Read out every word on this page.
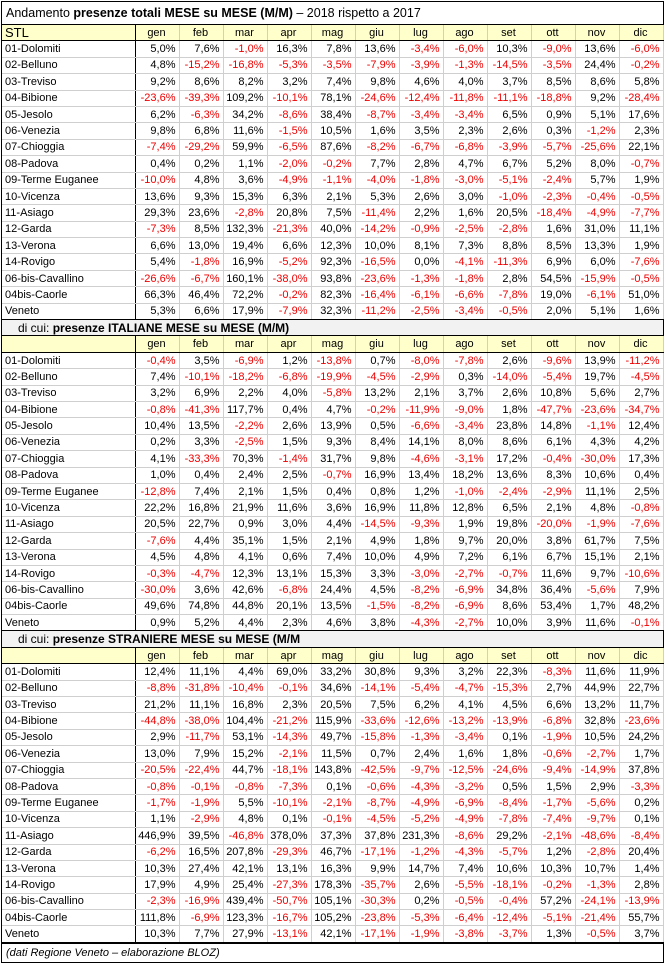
Andamento presenze totali MESE su MESE (M/M) – 2018 rispetto a 2017
STL	gen	feb	mar	apr	mag	giu	lug	ago	set	ott	nov	dic
01-Dolomiti	5,0%	7,6%	-1,0%	16,3%	7,8%	13,6%	-3,4%	-6,0%	10,3%	-9,0%	13,6%	-6,0%
02-Belluno	4,8%	-15,2%	-16,8%	-5,3%	-3,5%	-7,9%	-3,9%	-1,3%	-14,5%	-3,5%	24,4%	-0,2%
03-Treviso	9,2%	8,6%	8,2%	3,2%	7,4%	9,8%	4,6%	4,0%	3,7%	8,5%	8,6%	5,8%
04-Bibione	-23,6%	-39,3%	109,2%	-10,1%	78,1%	-24,6%	-12,4%	-11,8%	-11,1%	-18,8%	9,2%	-28,4%
05-Jesolo	6,2%	-6,3%	34,2%	-8,6%	38,4%	-8,7%	-3,4%	-3,4%	6,5%	0,9%	5,1%	17,6%
06-Venezia	9,8%	6,8%	11,6%	-1,5%	10,5%	1,6%	3,5%	2,3%	2,6%	0,3%	-1,2%	2,3%
07-Chioggia	-7,4%	-29,2%	59,9%	-6,5%	87,6%	-8,2%	-6,7%	-6,8%	-3,9%	-5,7%	-25,6%	22,1%
08-Padova	0,4%	0,2%	1,1%	-2,0%	-0,2%	7,7%	2,8%	4,7%	6,7%	5,2%	8,0%	-0,7%
09-Terme Euganee	-10,0%	4,8%	3,6%	-4,9%	-1,1%	-4,0%	-1,8%	-3,0%	-5,1%	-2,4%	5,7%	1,9%
10-Vicenza	13,6%	9,3%	15,3%	6,3%	2,1%	5,3%	2,6%	3,0%	-1,0%	-2,3%	-0,4%	-0,5%
11-Asiago	29,3%	23,6%	-2,8%	20,8%	7,5%	-11,4%	2,2%	1,6%	20,5%	-18,4%	-4,9%	-7,7%
12-Garda	-7,3%	8,5%	132,3%	-21,3%	40,0%	-14,2%	-0,9%	-2,5%	-2,8%	1,6%	31,0%	11,1%
13-Verona	6,6%	13,0%	19,4%	6,6%	12,3%	10,0%	8,1%	7,3%	8,8%	8,5%	13,3%	1,9%
14-Rovigo	5,4%	-1,8%	16,9%	-5,2%	92,3%	-16,5%	0,0%	-4,1%	-11,3%	6,9%	6,0%	-7,6%
06-bis-Cavallino	-26,6%	-6,7%	160,1%	-38,0%	93,8%	-23,6%	-1,3%	-1,8%	2,8%	54,5%	-15,9%	-0,5%
04bis-Caorle	66,3%	46,4%	72,2%	-0,2%	82,3%	-16,4%	-6,1%	-6,6%	-7,8%	19,0%	-6,1%	51,0%
Veneto	5,3%	6,6%	17,9%	-7,9%	32,3%	-11,2%	-2,5%	-3,4%	-0,5%	2,0%	5,1%	1,6%
di cui: presenze ITALIANE MESE su MESE (M/M)												
	gen	feb	mar	apr	mag	giu	lug	ago	set	ott	nov	dic
01-Dolomiti	-0,4%	3,5%	-6,9%	1,2%	-13,8%	0,7%	-8,0%	-7,8%	2,6%	-9,6%	13,9%	-11,2%
02-Belluno	7,4%	-10,1%	-18,2%	-6,8%	-19,9%	-4,5%	-2,9%	0,3%	-14,0%	-5,4%	19,7%	-4,5%
03-Treviso	3,2%	6,9%	2,2%	4,0%	-5,8%	13,2%	2,1%	3,7%	2,6%	10,8%	5,6%	2,7%
04-Bibione	-0,8%	-41,3%	117,7%	0,4%	4,7%	-0,2%	-11,9%	-9,0%	1,8%	-47,7%	-23,6%	-34,7%
05-Jesolo	10,4%	13,5%	-2,2%	2,6%	13,9%	0,5%	-6,6%	-3,4%	23,8%	14,8%	-1,1%	12,4%
06-Venezia	0,2%	3,3%	-2,5%	1,5%	9,3%	8,4%	14,1%	8,0%	8,6%	6,1%	4,3%	4,2%
07-Chioggia	4,1%	-33,3%	70,3%	-1,4%	31,7%	9,8%	-4,6%	-3,1%	17,2%	-0,4%	-30,0%	17,3%
08-Padova	1,0%	0,4%	2,4%	2,5%	-0,7%	16,9%	13,4%	18,2%	13,6%	8,3%	10,6%	0,4%
09-Terme Euganee	-12,8%	7,4%	2,1%	1,5%	0,4%	0,8%	1,2%	-1,0%	-2,4%	-2,9%	11,1%	2,5%
10-Vicenza	22,2%	16,8%	21,9%	11,6%	3,6%	16,9%	11,8%	12,8%	6,5%	2,1%	4,8%	-0,8%
11-Asiago	20,5%	22,7%	0,9%	3,0%	4,4%	-14,5%	-9,3%	1,9%	19,8%	-20,0%	-1,9%	-7,6%
12-Garda	-7,6%	4,4%	35,1%	1,5%	2,1%	4,9%	1,8%	9,7%	20,0%	3,8%	61,7%	7,5%
13-Verona	4,5%	4,8%	4,1%	0,6%	7,4%	10,0%	4,9%	7,2%	6,1%	6,7%	15,1%	2,1%
14-Rovigo	-0,3%	-4,7%	12,3%	13,1%	15,3%	3,3%	-3,0%	-2,7%	-0,7%	11,6%	9,7%	-10,6%
06-bis-Cavallino	-30,0%	3,6%	42,6%	-6,8%	24,4%	4,5%	-8,2%	-6,9%	34,8%	36,4%	-5,6%	7,9%
04bis-Caorle	49,6%	74,8%	44,8%	20,1%	13,5%	-1,5%	-8,2%	-6,9%	8,6%	53,4%	1,7%	48,2%
Veneto	0,9%	5,2%	4,4%	2,3%	4,6%	3,8%	-4,3%	-2,7%	10,0%	3,9%	11,6%	-0,1%
di cui: presenze STRANIERE MESE su MESE (M/M												
	gen	feb	mar	apr	mag	giu	lug	ago	set	ott	nov	dic
01-Dolomiti	12,4%	11,1%	4,4%	69,0%	33,2%	30,8%	9,3%	3,2%	22,3%	-8,3%	11,6%	11,9%
02-Belluno	-8,8%	-31,8%	-10,4%	-0,1%	34,6%	-14,1%	-5,4%	-4,7%	-15,3%	2,7%	44,9%	22,7%
03-Treviso	21,2%	11,1%	16,8%	2,3%	20,5%	7,5%	6,2%	4,1%	4,5%	6,6%	13,2%	11,7%
04-Bibione	-44,8%	-38,0%	104,4%	-21,2%	115,9%	-33,6%	-12,6%	-13,2%	-13,9%	-6,8%	32,8%	-23,6%
05-Jesolo	2,9%	-11,7%	53,1%	-14,3%	49,7%	-15,8%	-1,3%	-3,4%	0,1%	-1,9%	10,5%	24,2%
06-Venezia	13,0%	7,9%	15,2%	-2,1%	11,5%	0,7%	2,4%	1,6%	1,8%	-0,6%	-2,7%	1,7%
07-Chioggia	-20,5%	-22,4%	44,7%	-18,1%	143,8%	-42,5%	-9,7%	-12,5%	-24,6%	-9,4%	-14,9%	37,8%
08-Padova	-0,8%	-0,1%	-0,8%	-7,3%	0,1%	-0,6%	-4,3%	-3,2%	0,5%	1,5%	2,9%	-3,3%
09-Terme Euganee	-1,7%	-1,9%	5,5%	-10,1%	-2,1%	-8,7%	-4,9%	-6,9%	-8,4%	-1,7%	-5,6%	0,2%
10-Vicenza	1,1%	-2,9%	4,8%	0,1%	-0,1%	-4,5%	-5,2%	-4,9%	-7,8%	-7,4%	-9,7%	0,1%
11-Asiago	446,9%	39,5%	-46,8%	378,0%	37,3%	37,8%	231,3%	-8,6%	29,2%	-2,1%	-48,6%	-8,4%
12-Garda	-6,2%	16,5%	207,8%	-29,3%	46,7%	-17,1%	-1,2%	-4,3%	-5,7%	1,2%	-2,8%	20,4%
13-Verona	10,3%	27,4%	42,1%	13,1%	16,3%	9,9%	14,7%	7,4%	10,6%	10,3%	10,7%	1,4%
14-Rovigo	17,9%	4,9%	25,4%	-27,3%	178,3%	-35,7%	2,6%	-5,5%	-18,1%	-0,2%	-1,3%	2,8%
06-bis-Cavallino	-2,3%	-16,9%	439,4%	-50,7%	105,1%	-30,3%	0,2%	-0,5%	-0,4%	57,2%	-24,1%	-13,9%
04bis-Caorle	111,8%	-6,9%	123,3%	-16,7%	105,2%	-23,8%	-5,3%	-6,4%	-12,4%	-5,1%	-21,4%	55,7%
Veneto	10,3%	7,7%	27,9%	-13,1%	42,1%	-17,1%	-1,9%	-3,8%	-3,7%	1,3%	-0,5%	3,7%
(dati Regione Veneto – elaborazione BLOZ)
